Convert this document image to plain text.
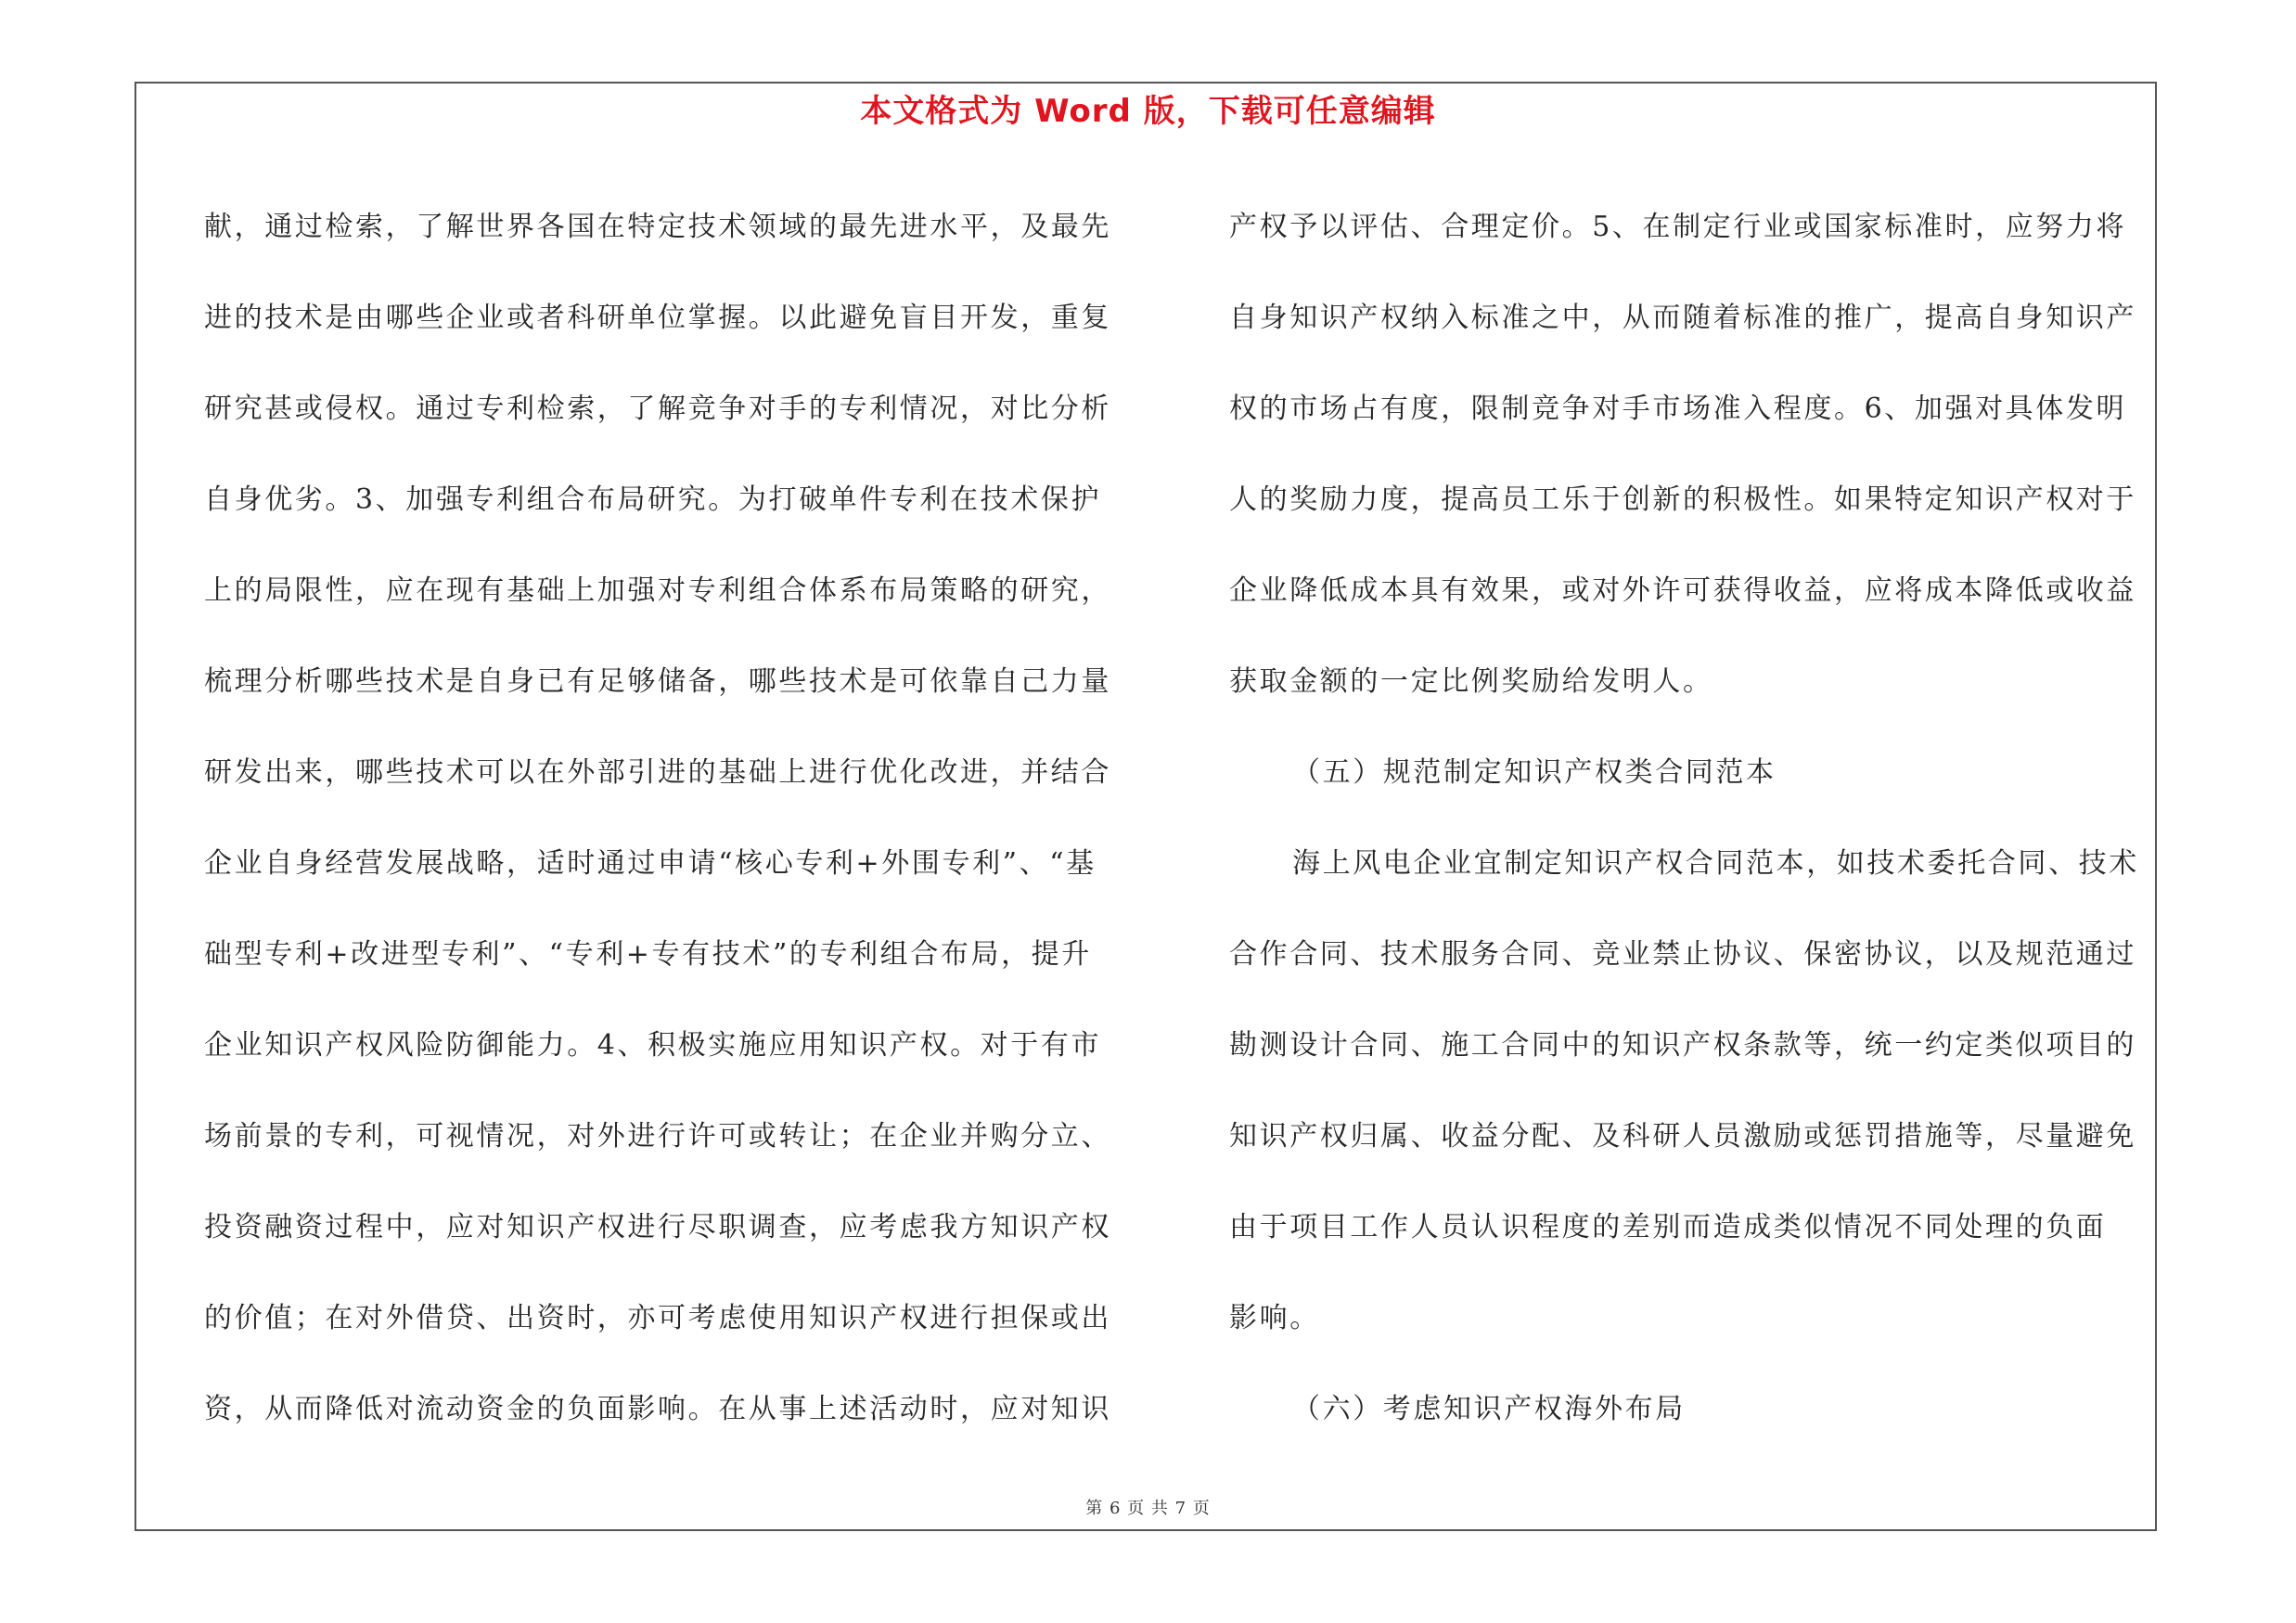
本文格式为 Word 版，下载可任意编辑
献，通过检索，了解世界各国在特定技术领域的最先进水平，及最先
进的技术是由哪些企业或者科研单位掌握。以此避免盲目开发，重复
研究甚或侵权。通过专利检索，了解竞争对手的专利情况，对比分析
自身优劣。3、加强专利组合布局研究。为打破单件专利在技术保护
上的局限性，应在现有基础上加强对专利组合体系布局策略的研究，
梳理分析哪些技术是自身已有足够储备，哪些技术是可依靠自己力量
研发出来，哪些技术可以在外部引进的基础上进行优化改进，并结合
企业自身经营发展战略，适时通过申请“核心专利+外围专利”、“基
础型专利+改进型专利”、“专利+专有技术”的专利组合布局，提升
企业知识产权风险防御能力。4、积极实施应用知识产权。对于有市
场前景的专利，可视情况，对外进行许可或转让；在企业并购分立、
投资融资过程中，应对知识产权进行尽职调查，应考虑我方知识产权
的价值；在对外借贷、出资时，亦可考虑使用知识产权进行担保或出
资，从而降低对流动资金的负面影响。在从事上述活动时，应对知识
产权予以评估、合理定价。5、在制定行业或国家标准时，应努力将
自身知识产权纳入标准之中，从而随着标准的推广，提高自身知识产
权的市场占有度，限制竞争对手市场准入程度。6、加强对具体发明
人的奖励力度，提高员工乐于创新的积极性。如果特定知识产权对于
企业降低成本具有效果，或对外许可获得收益，应将成本降低或收益
获取金额的一定比例奖励给发明人。
（五）规范制定知识产权类合同范本
海上风电企业宜制定知识产权合同范本，如技术委托合同、技术
合作合同、技术服务合同、竞业禁止协议、保密协议，以及规范通过
勘测设计合同、施工合同中的知识产权条款等，统一约定类似项目的
知识产权归属、收益分配、及科研人员激励或惩罚措施等，尽量避免
由于项目工作人员认识程度的差别而造成类似情况不同处理的负面
影响。
（六）考虑知识产权海外布局
第 6 页 共 7 页
